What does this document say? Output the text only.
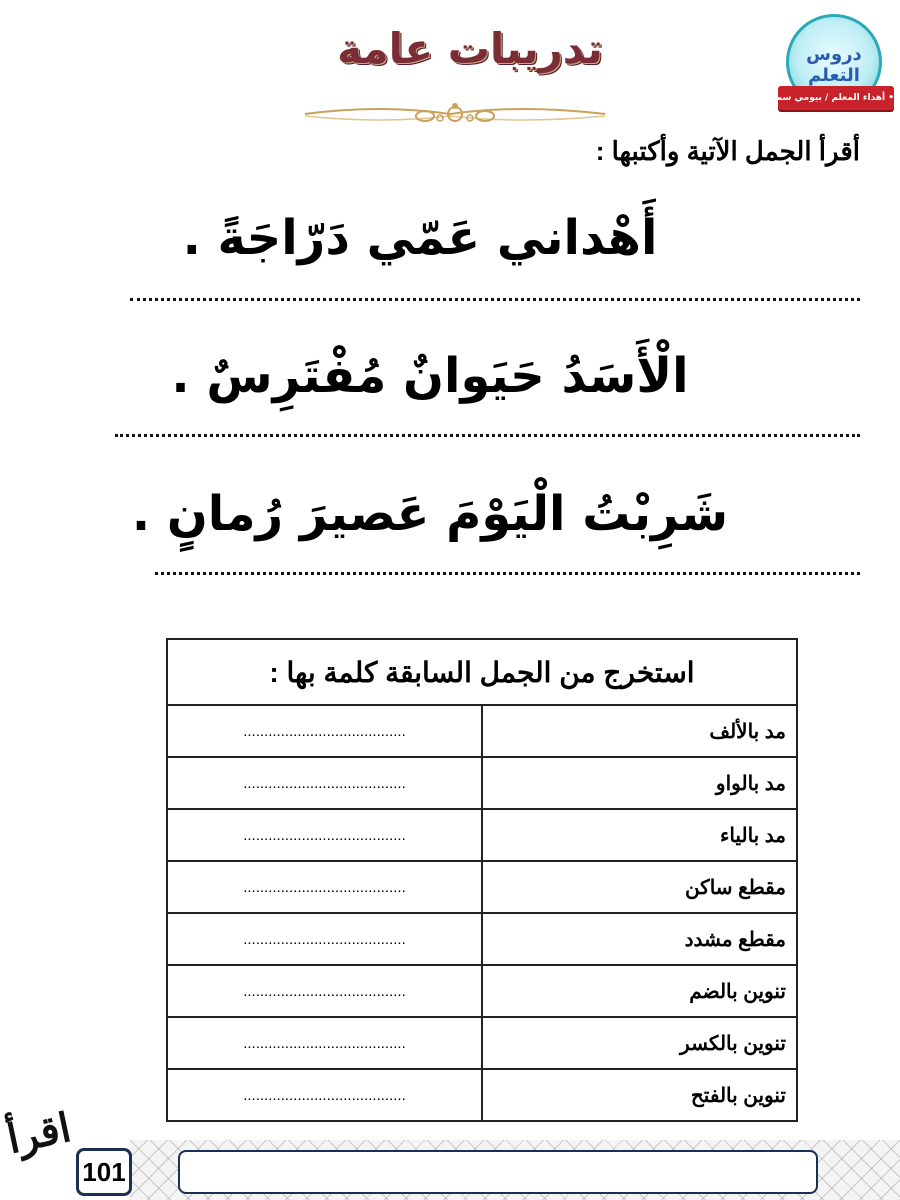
دروس التعلم
• أهداء المعلم / بيومي سمير •
تدريبات عامة
أقرأ الجمل الآتية وأكتبها :
أَهْداني عَمّي دَرّاجَةً .
الْأَسَدُ حَيَوانٌ مُفْتَرِسٌ .
شَرِبْتُ الْيَوْمَ عَصيرَ رُمانٍ .
استخرج من الجمل السابقة كلمة بها :	
مد بالألف	.......................................
مد بالواو	.......................................
مد بالياء	.......................................
مقطع ساكن	.......................................
مقطع مشدد	.......................................
تنوين بالضم	.......................................
تنوين بالكسر	.......................................
تنوين بالفتح	.......................................
101
اقرأ
